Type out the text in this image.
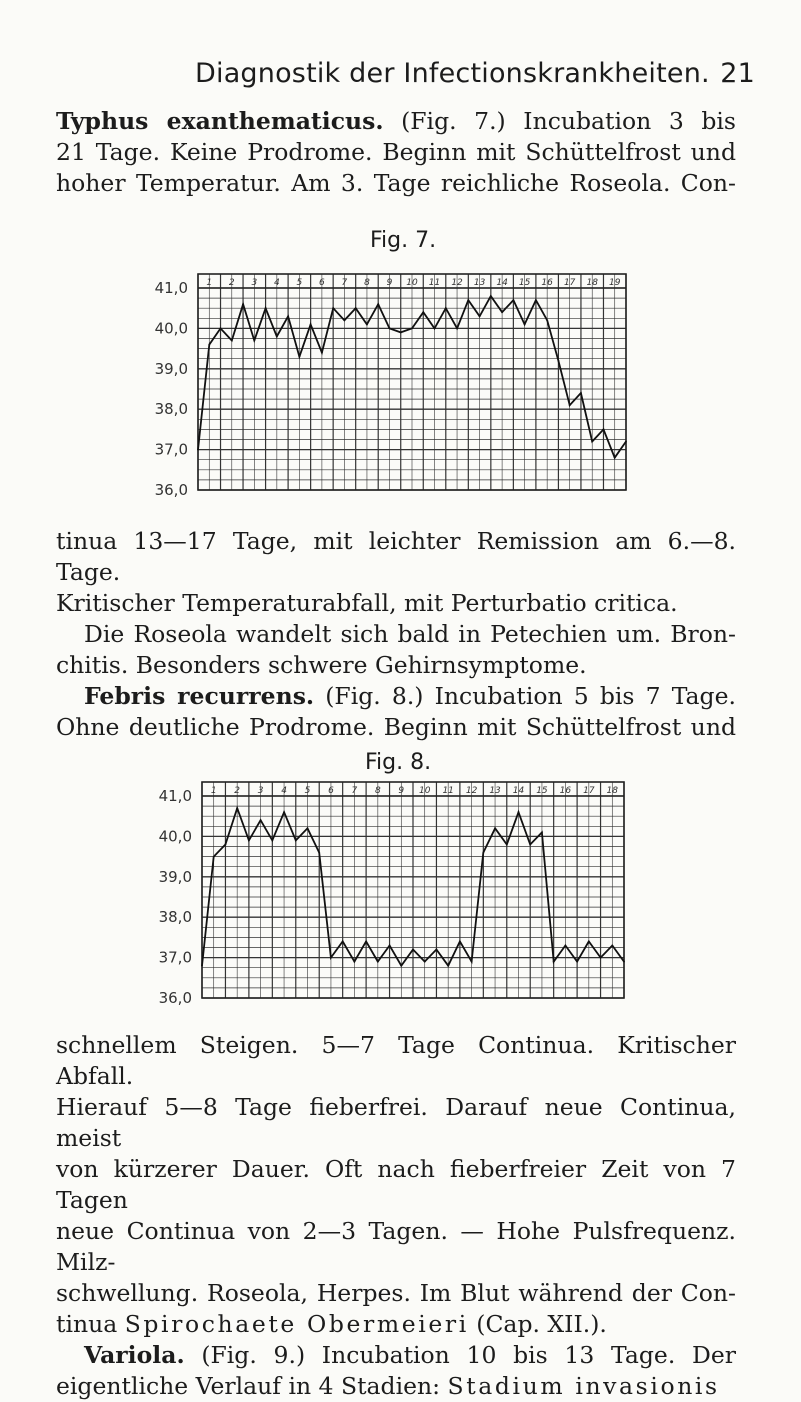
Diagnostik der Infectionskrankheiten. 21
Typhus exanthematicus. (Fig. 7.) Incubation 3 bis
21 Tage. Keine Prodrome. Beginn mit Schüttelfrost und
hoher Temperatur. Am 3. Tage reichliche Roseola. Con-
Fig. 7.
1 2 3 4 5 6 7 8 9 10 11 12 13 14 15 16 17 18 19
41,0
40,0
39,0
38,0
37,0
36,0
tinua 13—17 Tage, mit leichter Remission am 6.—8. Tage.
Kritischer Temperaturabfall, mit Perturbatio critica.
Die Roseola wandelt sich bald in Petechien um. Bron-
chitis. Besonders schwere Gehirnsymptome.
Febris recurrens. (Fig. 8.) Incubation 5 bis 7 Tage.
Ohne deutliche Prodrome. Beginn mit Schüttelfrost und
Fig. 8.
1 2 3 4 5 6 7 8 9 10 11 12 13 14 15 16 17 18
41,0
40,0
39,0
38,0
37,0
36,0
schnellem Steigen. 5—7 Tage Continua. Kritischer Abfall.
Hierauf 5—8 Tage fieberfrei. Darauf neue Continua, meist
von kürzerer Dauer. Oft nach fieberfreier Zeit von 7 Tagen
neue Continua von 2—3 Tagen. — Hohe Pulsfrequenz. Milz-
schwellung. Roseola, Herpes. Im Blut während der Con-
tinua Spirochaete Obermeieri (Cap. XII.).
Variola. (Fig. 9.) Incubation 10 bis 13 Tage. Der
eigentliche Verlauf in 4 Stadien: Stadium invasionis
